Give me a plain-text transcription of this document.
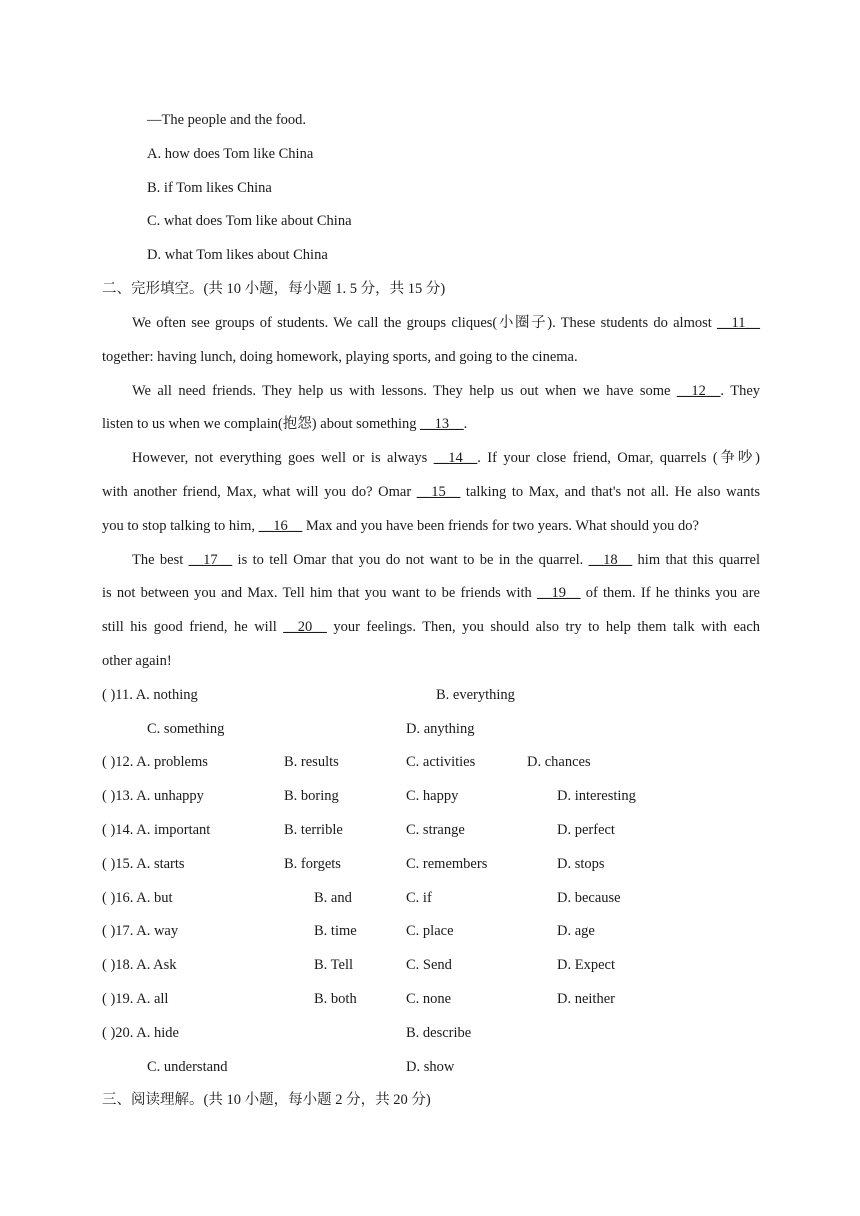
—The people and the food.
A. how does Tom like China
B. if Tom likes China
C. what does Tom like about China
D. what Tom likes about China
二、完形填空。(共 10 小题，每小题 1. 5 分，共 15 分)
We often see groups of students. We call the groups cliques(小圈子). These students do almost __11__
together: having lunch, doing homework, playing sports, and going to the cinema.
We all need friends. They help us with lessons. They help us out when we have some __12__. They
listen to us when we complain(抱怨) about something __13__.
However, not everything goes well or is always __14__. If your close friend, Omar, quarrels (争吵)
with another friend, Max, what will you do? Omar __15__ talking to Max, and that's not all. He also wants
you to stop talking to him, __16__ Max and you have been friends for two years. What should you do?
The best __17__ is to tell Omar that you do not want to be in the quarrel. __18__ him that this quarrel
is not between you and Max. Tell him that you want to be friends with __19__ of them. If he thinks you are
still his good friend, he will __20__ your feelings. Then, you should also try to help them talk with each
other again!
( )11. A. nothing	B. everything
C. something	D. anything
( )12. A. problems	B. results	C. activities	D. chances
( )13. A. unhappy	B. boring	C. happy	D. interesting
( )14. A. important	B. terrible	C. strange	D. perfect
( )15. A. starts	B. forgets	C. remembers	D. stops
( )16. A. but	B. and	C. if	D. because
( )17. A. way	B. time	C. place	D. age
( )18. A. Ask	B. Tell	C. Send	D. Expect
( )19. A. all	B. both	C. none	D. neither
( )20. A. hide	B. describe
C. understand	D. show
三、阅读理解。(共 10 小题，每小题 2 分，共 20 分)
